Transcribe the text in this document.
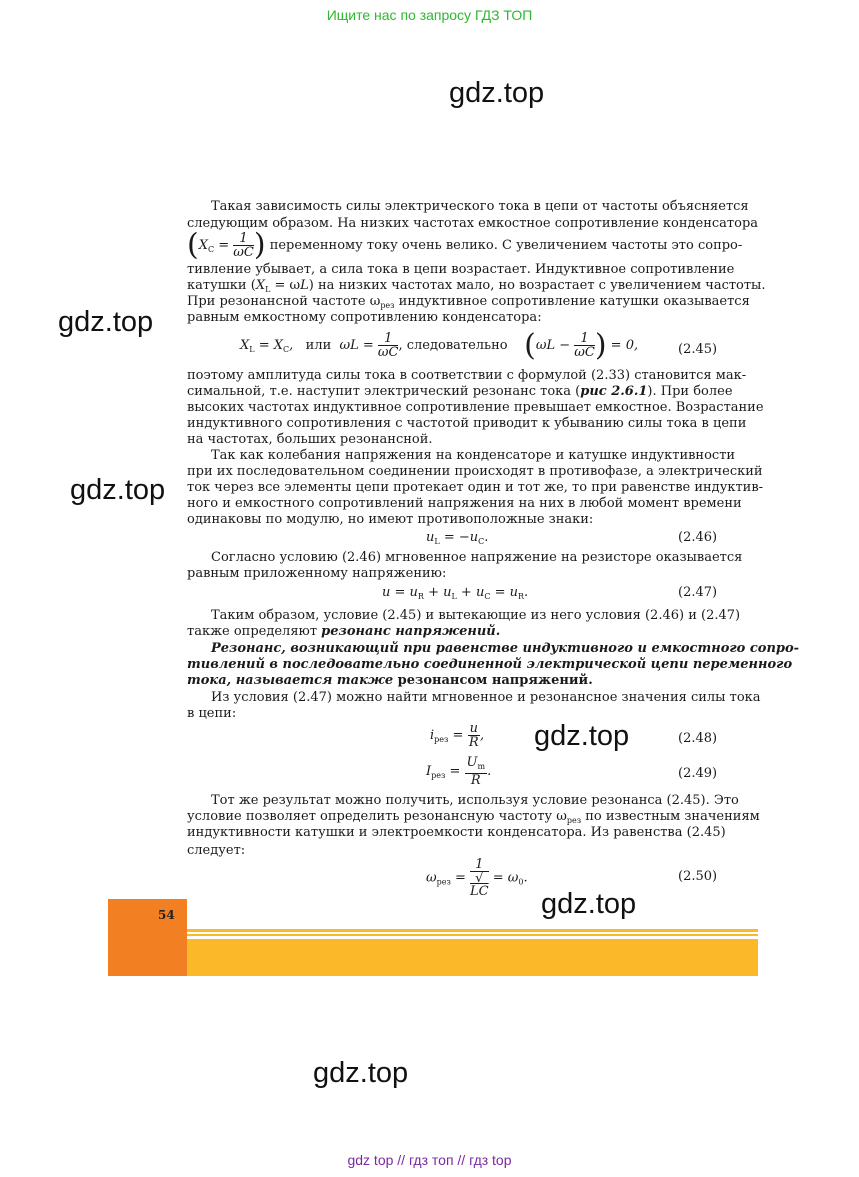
Ищите нас по запросу ГДЗ ТОП
gdz.top
gdz.top
gdz.top
gdz.top
gdz.top
gdz.top
Такая зависимость силы электрического тока в цепи от частоты объясняется
следующим образом. На низких частотах емкостное сопротивление конденсатора
($X_C = \frac{1}{\omega C}$ ) переменному току очень велико. С увеличением частоты это сопро-
тивление убывает, а сила тока в цепи возрастает. Индуктивное сопротивление
катушки $(X_L = \omega L)$ на низких частотах мало, но возрастает с увеличением частоты.
При резонансной частоте $\omega_{рез}$ индуктивное сопротивление катушки оказывается
равным емкостному сопротивлению конденсатора:
$X_L = X_C$, или $\omega L = \frac{1}{\omega C}$ , следовательно ($\omega L - \frac{1}{\omega C}$ ) = 0,	(2.45)
поэтому амплитуда силы тока в соответствии с формулой (2.33) становится мак-
симальной, т.е. наступит электрический резонанс тока (рис 2.6.1). При более
высоких частотах индуктивное сопротивление превышает емкостное. Возрастание
индуктивного сопротивления с частотой приводит к убыванию силы тока в цепи
на частотах, больших резонансной.
Так как колебания напряжения на конденсаторе и катушке индуктивности
при их последовательном соединении происходят в противофазе, а электрический
ток через все элементы цепи протекает один и тот же, то при равенстве индуктив-
ного и емкостного сопротивлений напряжения на них в любой момент времени
одинаковы по модулю, но имеют противоположные знаки:
$u_L = -u_C$.	(2.46)
Согласно условию (2.46) мгновенное напряжение на резисторе оказывается
равным приложенному напряжению:
$u = u_R + u_L + u_C = u_R$.	(2.47)
Таким образом, условие (2.45) и вытекающие из него условия (2.46) и (2.47)
также определяют резонанс напряжений.
Резонанс, возникающий при равенстве индуктивного и емкостного сопро-
тивлений в последовательно соединенной электрической цепи переменного
тока, называется также резонансом напряжений.
Из условия (2.47) можно найти мгновенное и резонансное значения силы тока
в цепи:
$i_{рез} = \frac{u}{R}$ ,	(2.48)
$I_{рез} = \frac{U_m}{R}$ .	(2.49)
Тот же результат можно получить, используя условие резонанса (2.45). Это
условие позволяет определить резонансную частоту $\omega_{рез}$ по известным значениям
индуктивности катушки и электроемкости конденсатора. Из равенства (2.45)
следует:
$\omega_{рез} = 1$
√
LC = $\omega_0$.	(2.50)
54
gdz top // гдз топ // гдз top
